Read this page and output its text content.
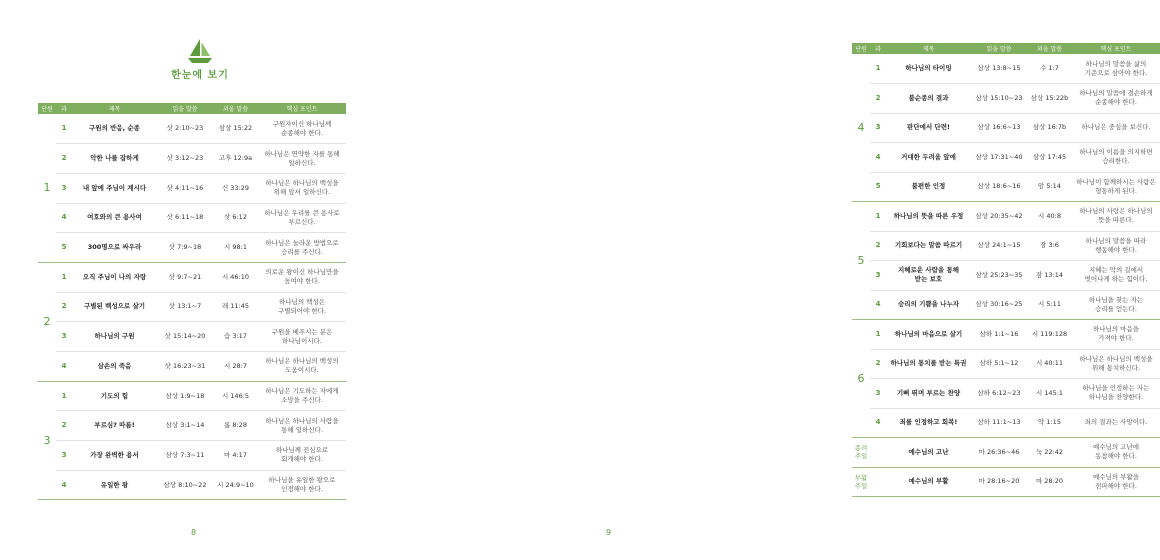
한눈에 보기
단원	과	제목	읽을 말씀	외울 말씀	핵심 포인트
1	1	구원의 반응, 순종	삿 2:10~23	삼상 15:22	구원자이신 하나님께
순종해야 한다.

	2	악한 나를 잡하게	삿 3:12~23	고후 12:9a	하나님은 연약한 자를 통해
일하신다.

	3	내 앞에 주님이 계시다	삿 4:11~16	신 33:29	하나님은 하나님의 백성을
위해 앞서 일하신다.

	4	여호와의 큰 용사여	삿 6:11~18	삿 6:12	하나님은 우리를 큰 용사로
부르신다.

	5	300명으로 싸우라	삿 7:9~18	시 98:1	하나님은 놀라운 방법으로
승리를 주신다.

2	1	오직 주님이 나의 자랑	삿 9:7~21	시 46:10	의로운 왕이신 하나님만을
높여야 한다.

	2	구별된 백성으로 살기	삿 13:1~7	레 11:45	하나님의 백성은
구별되어야 한다.

	3	하나님의 구원	삿 15:14~20	습 3:17	구원을 베푸시는 분은
하나님이시다.

	4	삼손의 죽음	삿 16:23~31	시 28:7	하나님은 하나님의 백성의
도움이시다.

3	1	기도의 힘	삼상 1:9~18	시 146:5	하나님은 기도하는 자에게
소망을 주신다.

	2	부르심? 따름!	삼상 3:1~14	롬 8:28	하나님은 하나님의 사람을
통해 일하신다.

	3	가장 완벽한 용서	삼상 7:3~11	마 4:17	하나님께 진심으로
회개해야 한다.

	4	유일한 왕	삼상 8:10~22	시 24:9~10	하나님을 유일한 왕으로
인정해야 한다.
8
단원	과	제목	읽을 말씀	외울 말씀	핵심 포인트
4	1	하나님의 타이밍	삼상 13:8~15	수 1:7	하나님의 말씀을 삶의
기준으로 삼아야 한다.

	2	불순종의 결과	삼상 15:10~23	삼상 15:22b	하나님의 말씀에 겸손하게
순종해야 한다.

	3	판단에서 단련!	삼상 16:6~13	삼상 16:7b	하나님은 중심을 보신다.

	4	거대한 두려움 앞에	삼상 17:31~40	삼상 17:45	하나님의 이름을 의지하면
승리한다.

	5	불편한 인정	삼상 18:6~16	암 5:14	하나님이 함께하시는 사람은
형통하게 된다.

5	1	하나님의 뜻을 따른 우정	삼상 20:35~42	시 40:8	하나님의 사랑은 하나님의
뜻을 따른다.

	2	기회보다는 말씀 따르기	삼상 24:1~15	잠 3:6	하나님의 말씀을 따라
행동해야 한다.

	3	지혜로운 사람을 통해
받는 보호	삼상 25:23~35	잠 13:14	지혜는 악의 길에서
벗어나게 하는 힘이다.

	4	승리의 기쁨을 나누자	삼상 30:16~25	시 5:11	하나님을 찾는 자는
승리를 얻는다.

6	1	하나님의 마음으로 살기	삼하 1:1~16	시 119:128	하나님의 마음을
가져야 한다.

	2	하나님의 통치를 받는 특권	삼하 5:1~12	시 40:11	하나님은 하나님의 백성을
위해 통치하신다.

	3	기뻐 뛰며 부르는 찬양	삼하 6:12~23	시 145:1	하나님을 인정하는 자는
하나님을 찬양한다.

	4	죄를 인정하고 회복!	삼하 11:1~13	약 1:15	죄의 결과는 사망이다.

종려
주일		예수님의 고난	마 26:36~46	눅 22:42	예수님의 고난에
동참해야 한다.

부활
주일		예수님의 부활	마 28:16~20	마 28:20	예수님의 부활을
전파해야 한다.
9
